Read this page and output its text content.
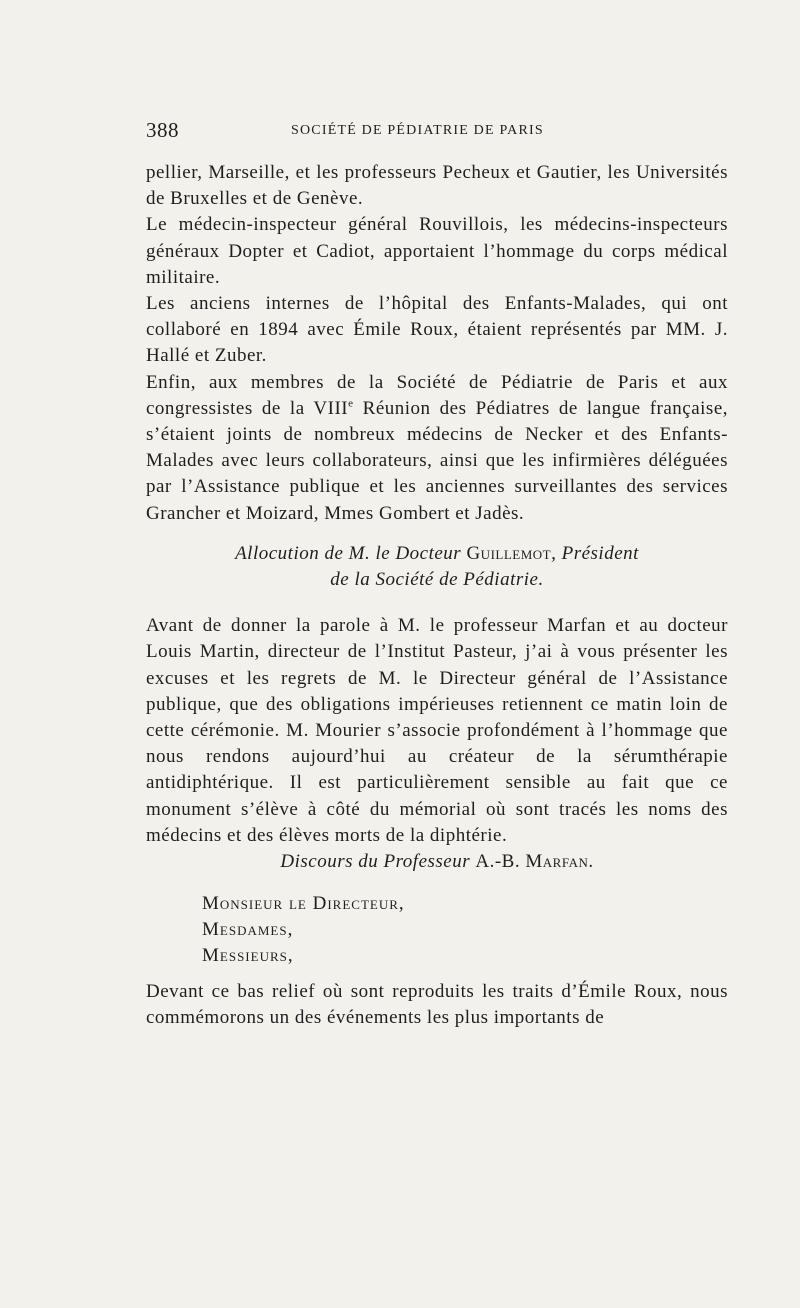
388	SOCIÉTÉ DE PÉDIATRIE DE PARIS

pellier, Marseille, et les professeurs Pecheux et Gautier, les Universités de Bruxelles et de Genève.

Le médecin-inspecteur général Rouvillois, les médecins-inspecteurs généraux Dopter et Cadiot, apportaient l’hommage du corps médical militaire.

Les anciens internes de l’hôpital des Enfants-Malades, qui ont collaboré en 1894 avec Émile Roux, étaient représentés par MM. J. Hallé et Zuber.

Enfin, aux membres de la Société de Pédiatrie de Paris et aux congressistes de la VIIIe Réunion des Pédiatres de langue française, s’étaient joints de nombreux médecins de Necker et des Enfants-Malades avec leurs collaborateurs, ainsi que les infirmières déléguées par l’Assistance publique et les anciennes surveillantes des services Grancher et Moizard, Mmes Gombert et Jadès.

Allocution de M. le Docteur Guillemot, Président
de la Société de Pédiatrie.

Avant de donner la parole à M. le professeur Marfan et au docteur Louis Martin, directeur de l’Institut Pasteur, j’ai à vous présenter les excuses et les regrets de M. le Directeur général de l’Assistance publique, que des obligations impérieuses retiennent ce matin loin de cette cérémonie. M. Mourier s’associe profondément à l’hommage que nous rendons aujourd’hui au créateur de la sérumthérapie antidiphtérique. Il est particulièrement sensible au fait que ce monument s’élève à côté du mémorial où sont tracés les noms des médecins et des élèves morts de la diphtérie.

Discours du Professeur A.-B. Marfan.

Monsieur le Directeur,

Mesdames,

Messieurs,

Devant ce bas relief où sont reproduits les traits d’Émile Roux, nous commémorons un des événements les plus importants de
